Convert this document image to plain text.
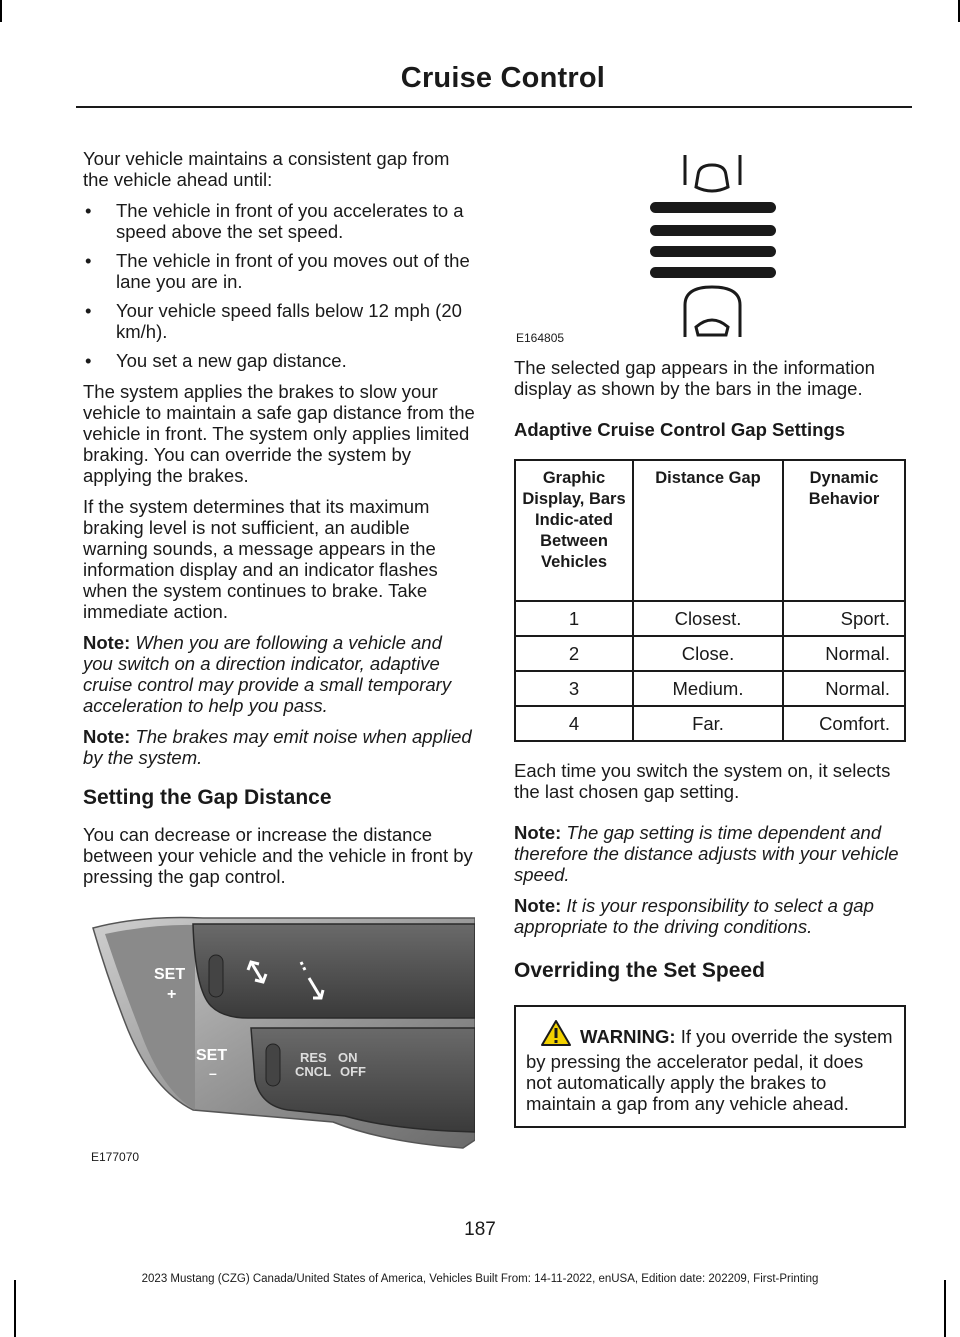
Cruise Control

Your vehicle maintains a consistent gap from the vehicle ahead until:

• The vehicle in front of you accelerates to a speed above the set speed.
• The vehicle in front of you moves out of the lane you are in.
• Your vehicle speed falls below 12 mph (20 km/h).
• You set a new gap distance.

The system applies the brakes to slow your vehicle to maintain a safe gap distance from the vehicle in front. The system only applies limited braking. You can override the system by applying the brakes.

If the system determines that its maximum braking level is not sufficient, an audible warning sounds, a message appears in the information display and an indicator flashes when the system continues to brake. Take immediate action.

Note: When you are following a vehicle and you switch on a direction indicator, adaptive cruise control may provide a small temporary acceleration to help you pass.

Note: The brakes may emit noise when applied by the system.

Setting the Gap Distance

You can decrease or increase the distance between your vehicle and the vehicle in front by pressing the gap control.

SET
+
SET
–
RES ON
CNCL OFF
E177070
E164805

The selected gap appears in the information display as shown by the bars in the image.

Adaptive Cruise Control Gap Settings
Graphic Display, Bars Indic-ated Between Vehicles	Distance Gap	Dynamic Behavior
1	Closest.	Sport.
2	Close.	Normal.
3	Medium.	Normal.
4	Far.	Comfort.

Each time you switch the system on, it selects the last chosen gap setting.

Note: The gap setting is time dependent and therefore the distance adjusts with your vehicle speed.

Note: It is your responsibility to select a gap appropriate to the driving conditions.

Overriding the Set Speed

WARNING: If you override the system by pressing the accelerator pedal, it does not automatically apply the brakes to maintain a gap from any vehicle ahead.

187
2023 Mustang (CZG) Canada/United States of America, Vehicles Built From: 14-11-2022, enUSA, Edition date: 202209, First-Printing
